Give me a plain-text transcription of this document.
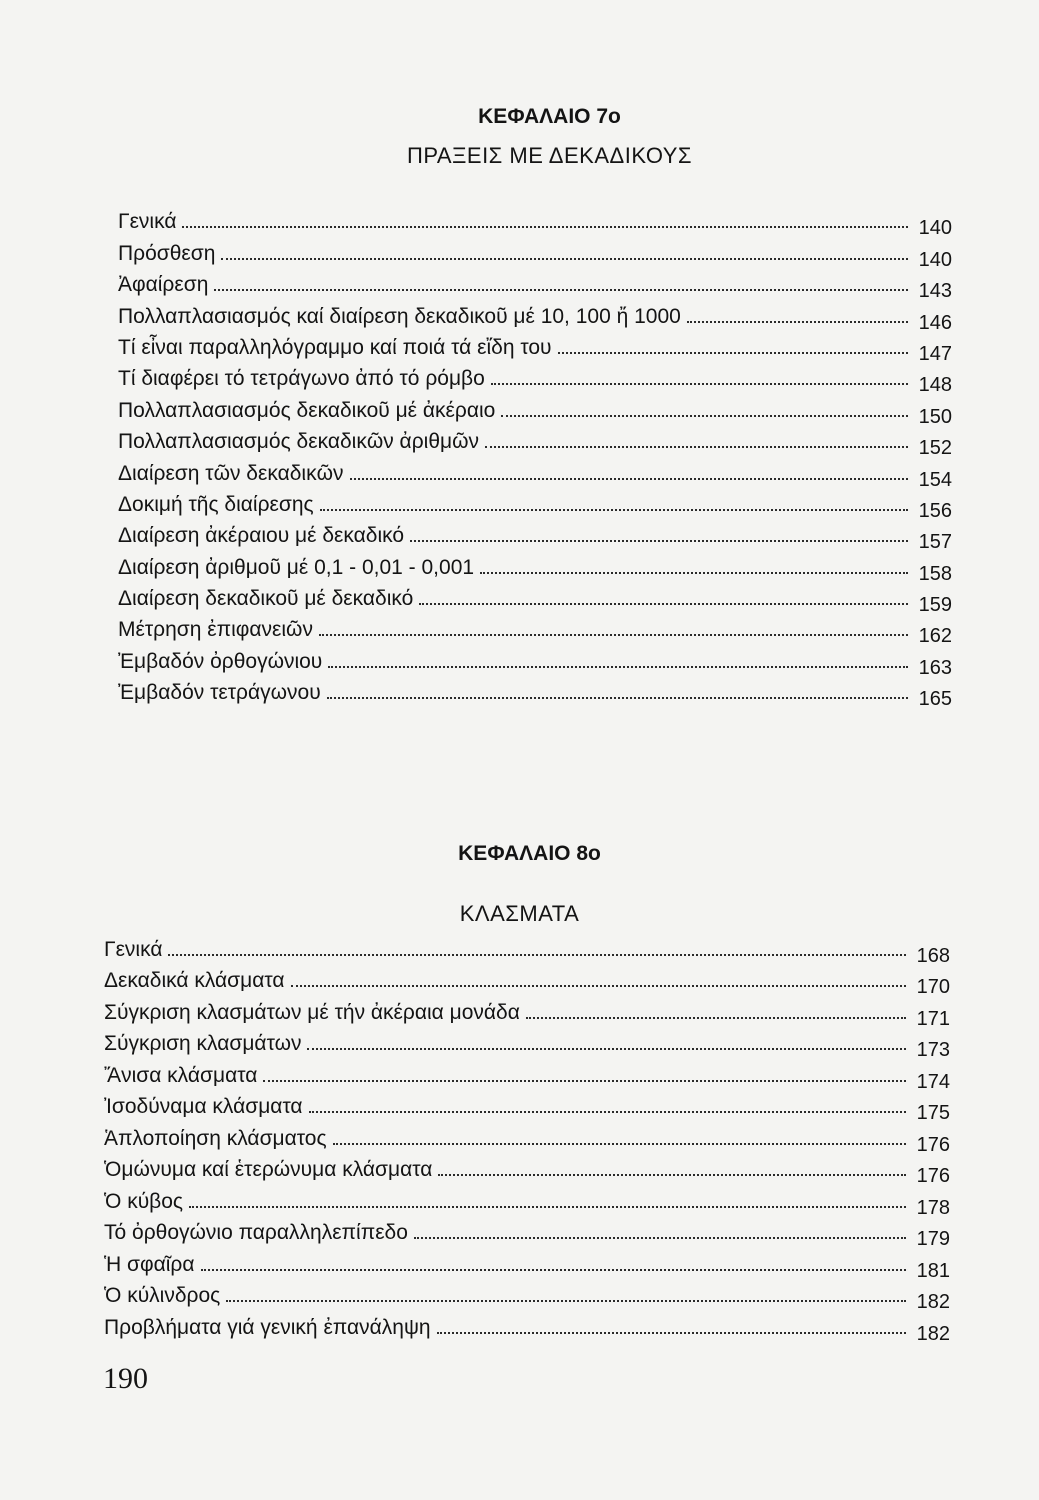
ΚΕΦΑΛΑΙΟ 7ο
ΠΡΑΞΕΙΣ ΜΕ ΔΕΚΑΔΙΚΟΥΣ
Γενικά	140
Πρόσθεση	140
Ἀφαίρεση	143
Πολλαπλασιασμός καί διαίρεση δεκαδικοῦ μέ 10, 100 ἤ 1000	146
Τί εἶναι παραλληλόγραμμο καί ποιά τά εἴδη του	147
Τί διαφέρει τό τετράγωνο ἀπό τό ρόμβο	148
Πολλαπλασιασμός δεκαδικοῦ μέ ἀκέραιο	150
Πολλαπλασιασμός δεκαδικῶν ἀριθμῶν	152
Διαίρεση τῶν δεκαδικῶν	154
Δοκιμή τῆς διαίρεσης	156
Διαίρεση ἀκέραιου μέ δεκαδικό	157
Διαίρεση ἀριθμοῦ μέ 0,1 - 0,01 - 0,001	158
Διαίρεση δεκαδικοῦ μέ δεκαδικό	159
Μέτρηση ἐπιφανειῶν	162
Ἐμβαδόν ὀρθογώνιου	163
Ἐμβαδόν τετράγωνου	165
ΚΕΦΑΛΑΙΟ 8ο
ΚΛΑΣΜΑΤΑ
Γενικά	168
Δεκαδικά κλάσματα	170
Σύγκριση κλασμάτων μέ τήν ἀκέραια μονάδα	171
Σύγκριση κλασμάτων	173
Ἄνισα κλάσματα	174
Ἰσοδύναμα κλάσματα	175
Ἁπλοποίηση κλάσματος	176
Ὁμώνυμα καί ἑτερώνυμα κλάσματα	176
Ὁ κύβος	178
Τό ὀρθογώνιο παραλληλεπίπεδο	179
Ἡ σφαῖρα	181
Ὁ κύλινδρος	182
Προβλήματα γιά γενική ἐπανάληψη	182

190
